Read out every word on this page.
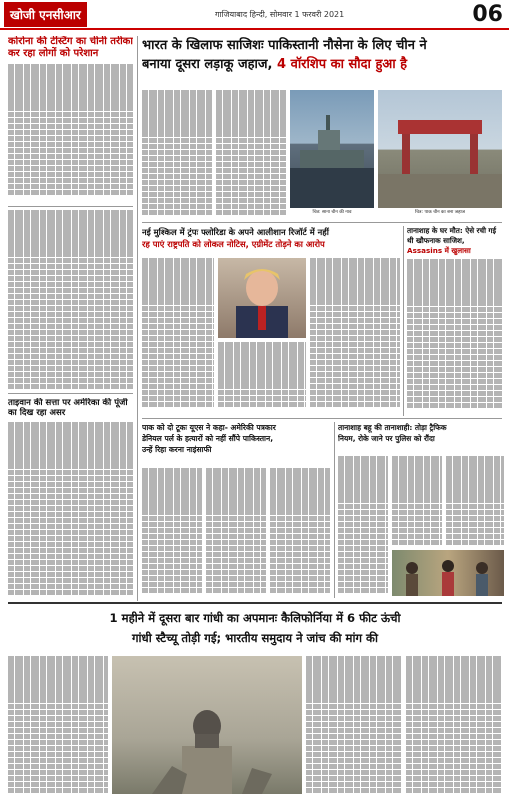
खोजी एनसीआर	गाजियाबाद हिन्दी, सोमवार 1 फरवरी 2021	06
कोरोना की टेस्टिंग का चीनी तरीका कर रहा लोगों को परेशान
ताइवान की सत्ता पर अमेरिका की पूंजी का दिख रहा असर
भारत के खिलाफ साजिशः पाकिस्तानी नौसेना के लिए चीन ने
बनाया दूसरा लड़ाकू जहाज, 4 वॉरशिप का सौदा हुआ है
चित्र: साना चीन की नाव	चित्र: पाक चीन का बना जहाज
नई मुश्किल में ट्रंपः फ्लोरिडा के अपने आलीशान रिजॉर्ट में नहीं
रह पाएं राष्ट्रपति को लोकल नोटिस, एग्रीमेंट तोड़ने का आरोप
तानाशाह के घर मौत: ऐसे रची गई
थी खौफनाक साजिश,
Assasins में खुलासा
पाक को दो टूकः यूएस ने कहा- अमेरिकी पत्रकार
डेनियल पर्ल के हत्यारों को नहीं सौंपे पाकिस्तान,
उन्हें रिहा करना नाइंसाफी
तानाशाह बहू की तानाशाही: तोड़ा ट्रैफिक
नियम, रोके जाने पर पुलिस को रौंदा
1 महीने में दूसरा बार गांधी का अपमानः कैलिफोर्निया में 6 फीट ऊंची
गांधी स्टैच्यू तोड़ी गई; भारतीय समुदाय ने जांच की मांग की
